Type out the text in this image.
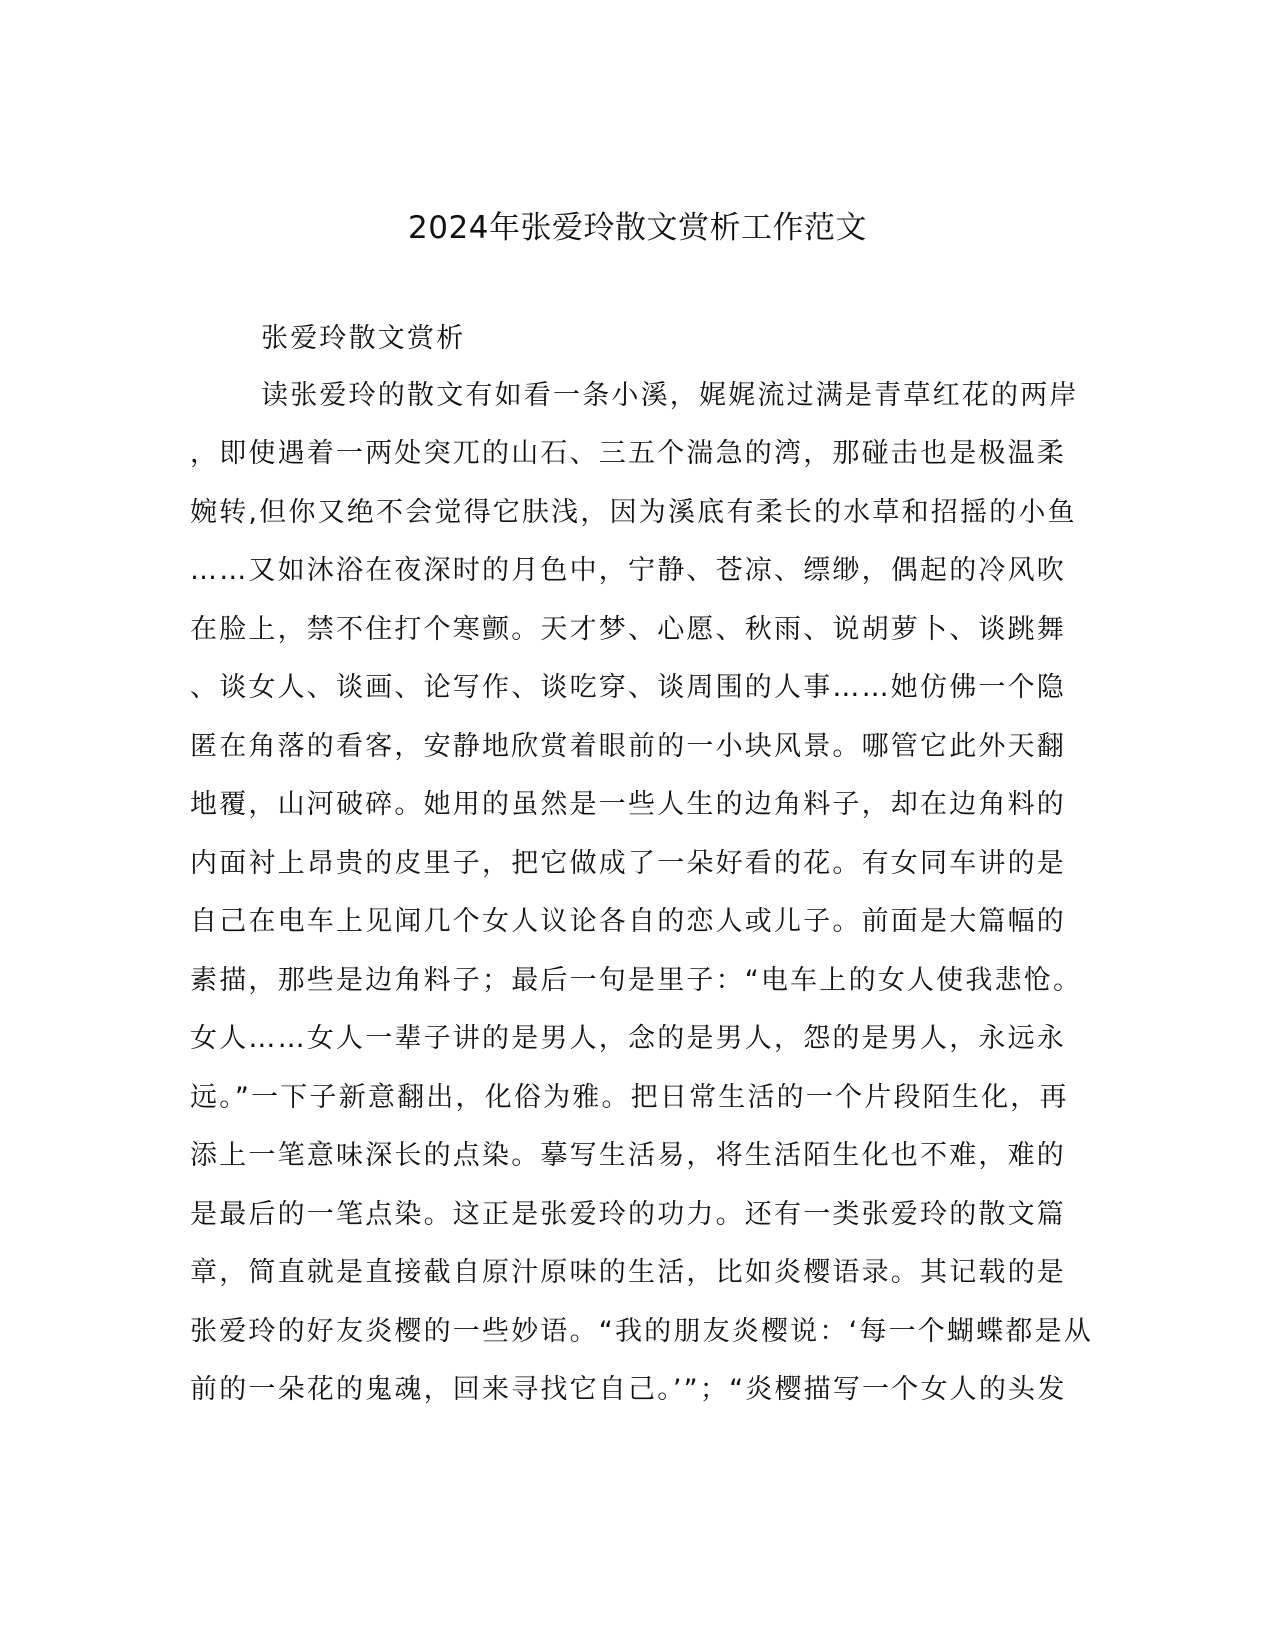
2024年张爱玲散文赏析工作范文
张爱玲散文赏析
读张爱玲的散文有如看一条小溪，娓娓流过满是青草红花的两岸
，即使遇着一两处突兀的山石、三五个湍急的湾，那碰击也是极温柔
婉转,但你又绝不会觉得它肤浅，因为溪底有柔长的水草和招摇的小鱼
……又如沐浴在夜深时的月色中，宁静、苍凉、缥缈，偶起的冷风吹
在脸上，禁不住打个寒颤。天才梦、心愿、秋雨、说胡萝卜、谈跳舞
、谈女人、谈画、论写作、谈吃穿、谈周围的人事……她仿佛一个隐
匿在角落的看客，安静地欣赏着眼前的一小块风景。哪管它此外天翻
地覆，山河破碎。她用的虽然是一些人生的边角料子，却在边角料的
内面衬上昂贵的皮里子，把它做成了一朵好看的花。有女同车讲的是
自己在电车上见闻几个女人议论各自的恋人或儿子。前面是大篇幅的
素描，那些是边角料子；最后一句是里子：“电车上的女人使我悲怆。
女人……女人一辈子讲的是男人，念的是男人，怨的是男人，永远永
远。”一下子新意翻出，化俗为雅。把日常生活的一个片段陌生化，再
添上一笔意味深长的点染。摹写生活易，将生活陌生化也不难，难的
是最后的一笔点染。这正是张爱玲的功力。还有一类张爱玲的散文篇
章，简直就是直接截自原汁原味的生活，比如炎樱语录。其记载的是
张爱玲的好友炎樱的一些妙语。“我的朋友炎樱说：‘每一个蝴蝶都是从
前的一朵花的鬼魂，回来寻找它自己。’”；“炎樱描写一个女人的头发
